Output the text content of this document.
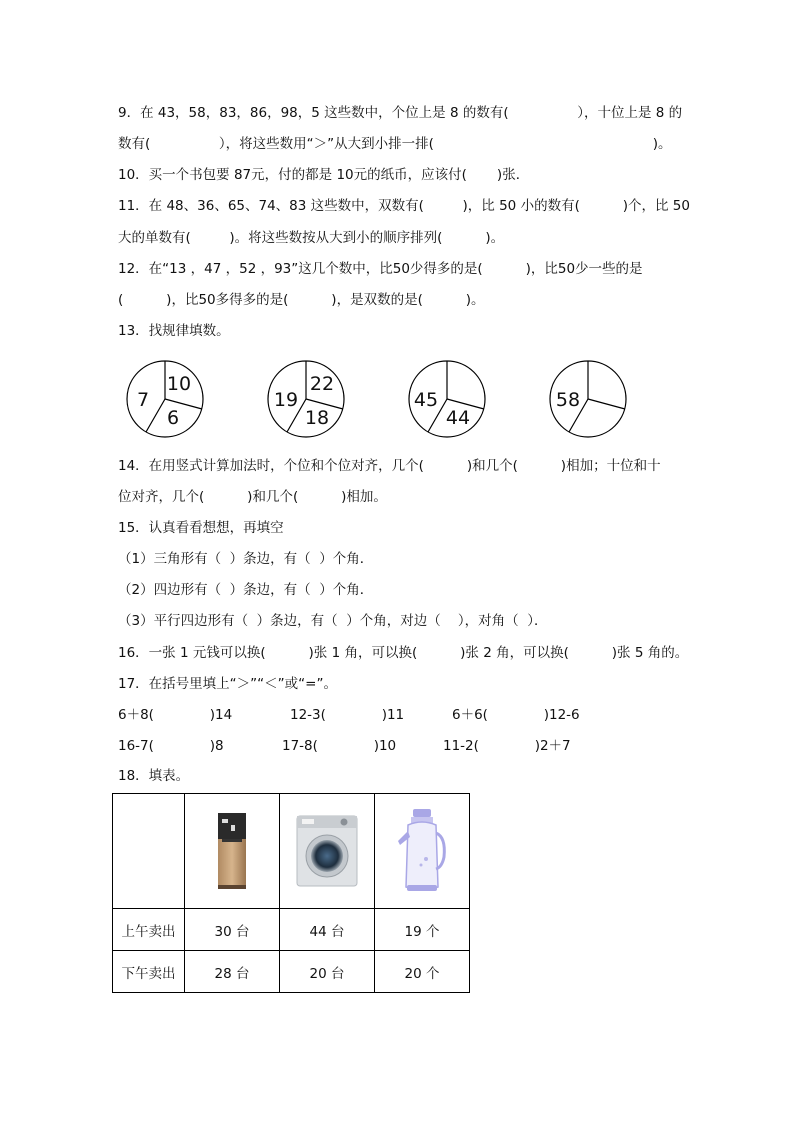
9．在 43，58，83，86，98，5 这些数中，个位上是 8 的数有(                ），十位上是 8 的
数有(                ），将这些数用“＞”从大到小排一排(                                                   )。
10．买一个书包要 87元，付的都是 10元的纸币，应该付(       )张．
11．在 48、36、65、74、83 这些数中，双数有(         )，比 50 小的数有(          )个，比 50
大的单数有(         )。将这些数按从大到小的顺序排列(          )。
12．在“13 ，47 ，52 ，93”这几个数中，比50少得多的是(          )，比50少一些的是
(          )，比50多得多的是(          )，是双数的是(          )。
13．找规律填数。
7
10
6
19
22
18
45
44
58
14．在用竖式计算加法时，个位和个位对齐，几个(          )和几个(          )相加；十位和十
位对齐，几个(          )和几个(          )相加。
15．认真看看想想，再填空
（1）三角形有（  ）条边，有（  ）个角．
（2）四边形有（  ）条边，有（  ）个角．
（3）平行四边形有（  ）条边，有（  ）个角，对边（    ），对角（  ）．
16．一张 1 元钱可以换(          )张 1 角，可以换(          )张 2 角，可以换(          )张 5 角的。
17．在括号里填上“＞”“＜”或“=”。
6＋8(             )14	12-3(             )11	6＋6(             )12-6
16-7(             )8	17-8(             )10	11-2(             )2＋7
18．填表。

上午卖出	30 台	44 台	19 个
下午卖出	28 台	20 台	20 个
